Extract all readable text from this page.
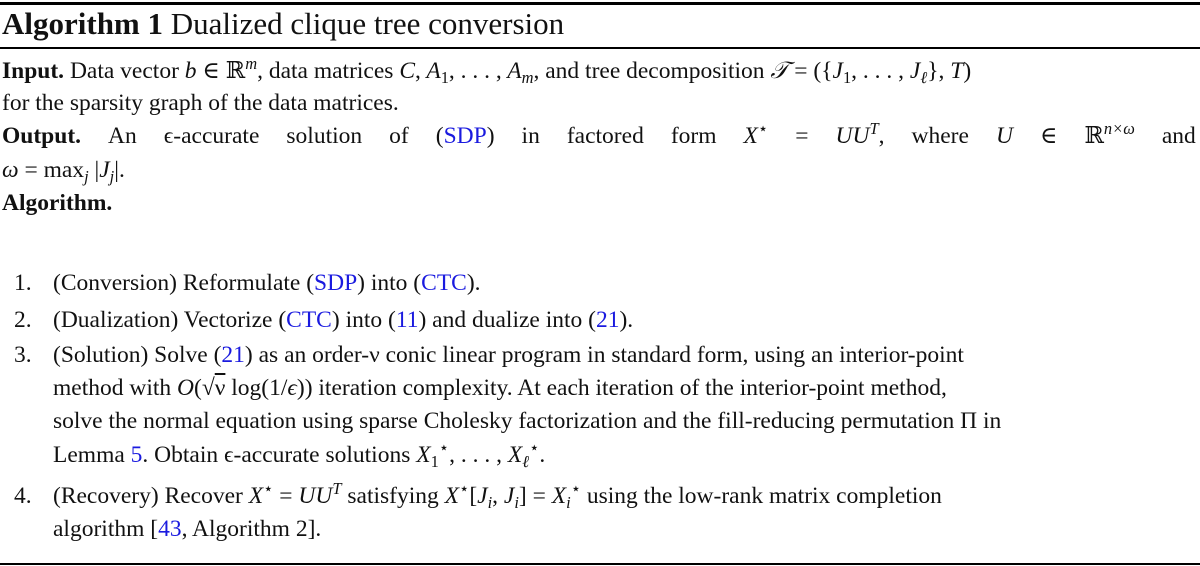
Algorithm 1 Dualized clique tree conversion
Input. Data vector b ∈ ℝ$^m$, data matrices C, $A_1$, . . . , $A_m$, and tree decomposition 𝒯 = ({$J_1$, . . . , $J_\ell$}, T)
for the sparsity graph of the data matrices.
Output. An ϵ-accurate solution of (SDP) in factored form $X^⋆ = UU^T$, where U ∈ ℝ$^{n\times\omega}$ and
$\omega = \max_j |J_j|$.
Algorithm.
1. (Conversion) Reformulate (SDP) into (CTC).
2. (Dualization) Vectorize (CTC) into (11) and dualize into (21).
3. (Solution) Solve (21) as an order-ν conic linear program in standard form, using an interior-point
method with O(√ν log(1/ϵ)) iteration complexity. At each iteration of the interior-point method,
solve the normal equation using sparse Cholesky factorization and the fill-reducing permutation Π in
Lemma 5. Obtain ϵ-accurate solutions $X_1^⋆$, . . . , $X_\ell^⋆$.
4. (Recovery) Recover $X^⋆ = UU^T$ satisfying $X^⋆[J_i$, $J_i] = X_i^⋆$ using the low-rank matrix completion
algorithm [43, Algorithm 2].
